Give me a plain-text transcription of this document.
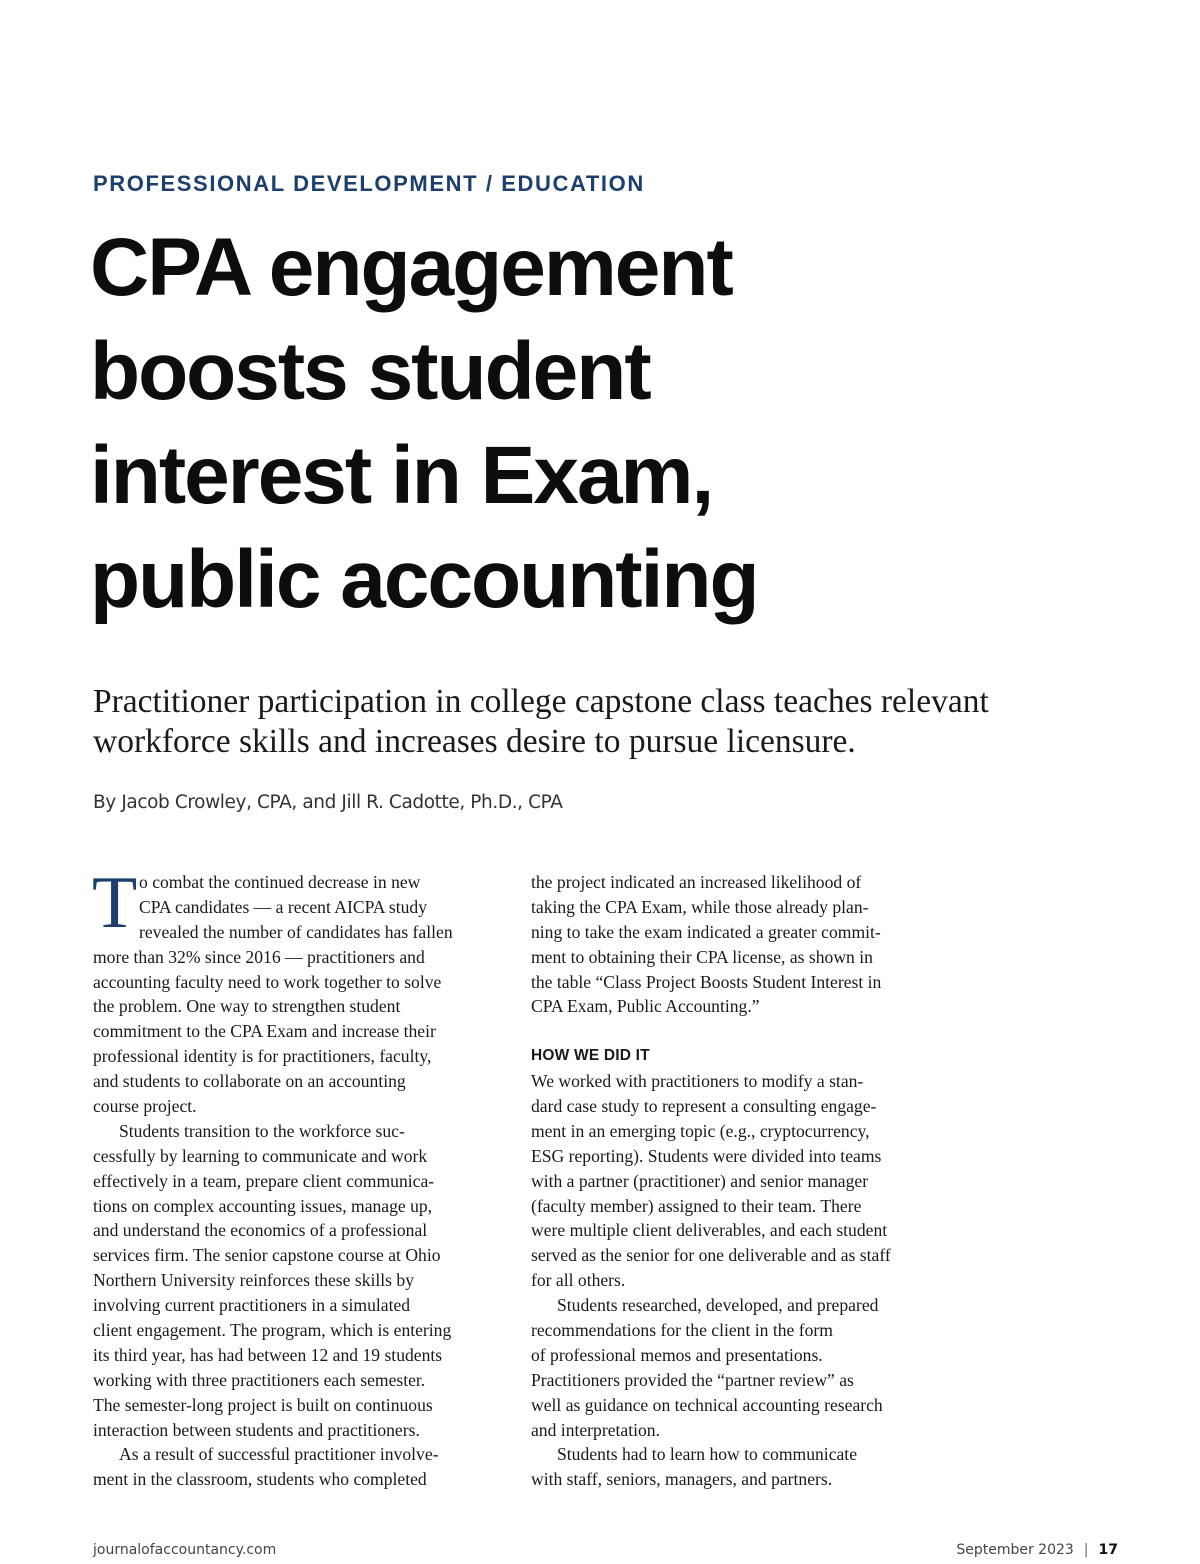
PROFESSIONAL DEVELOPMENT / EDUCATION
CPA engagement
boosts student
interest in Exam,
public accounting

Practitioner participation in college capstone class teaches relevant
workforce skills and increases desire to pursue licensure.

By Jacob Crowley, CPA, and Jill R. Cadotte, Ph.D., CPA
T o combat the continued decrease in new
CPA candidates — a recent AICPA study
revealed the number of candidates has fallen
more than 32% since 2016 — practitioners and
accounting faculty need to work together to solve
the problem. One way to strengthen student
commitment to the CPA Exam and increase their
professional identity is for practitioners, faculty,
and students to collaborate on an accounting
course project.
Students transition to the workforce suc-
cessfully by learning to communicate and work
effectively in a team, prepare client communica-
tions on complex accounting issues, manage up,
and understand the economics of a professional
services firm. The senior capstone course at Ohio
Northern University reinforces these skills by
involving current practitioners in a simulated
client engagement. The program, which is entering
its third year, has had between 12 and 19 students
working with three practitioners each semester.
The semester-long project is built on continuous
interaction between students and practitioners.
As a result of successful practitioner involve-
ment in the classroom, students who completed
the project indicated an increased likelihood of
taking the CPA Exam, while those already plan-
ning to take the exam indicated a greater commit-
ment to obtaining their CPA license, as shown in
the table “Class Project Boosts Student Interest in
CPA Exam, Public Accounting.”
HOW WE DID IT
We worked with practitioners to modify a stan-
dard case study to represent a consulting engage-
ment in an emerging topic (e.g., cryptocurrency,
ESG reporting). Students were divided into teams
with a partner (practitioner) and senior manager
(faculty member) assigned to their team. There
were multiple client deliverables, and each student
served as the senior for one deliverable and as staff
for all others.
Students researched, developed, and prepared
recommendations for the client in the form
of professional memos and presentations.
Practitioners provided the “partner review” as
well as guidance on technical accounting research
and interpretation.
Students had to learn how to communicate
with staff, seniors, managers, and partners.
journalofaccountancy.com	September 2023 | 17
